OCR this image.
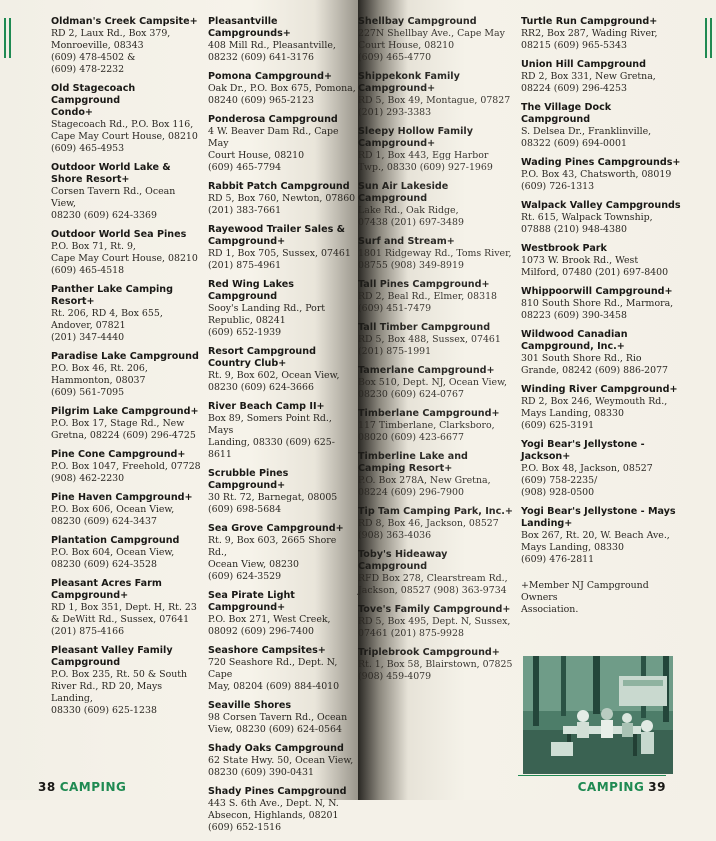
Oldman's Creek Campsite+
RD 2, Laux Rd., Box 379,
Monroeville, 08343
(609) 478-4502 &
(609) 478-2232
Old Stagecoach Campground
Condo+
Stagecoach Rd., P.O. Box 116,
Cape May Court House, 08210
(609) 465-4953
Outdoor World Lake &
Shore Resort+
Corsen Tavern Rd., Ocean View,
08230 (609) 624-3369
Outdoor World Sea Pines
P.O. Box 71, Rt. 9,
Cape May Court House, 08210
(609) 465-4518
Panther Lake Camping Resort+
Rt. 206, RD 4, Box 655,
Andover, 07821
(201) 347-4440
Paradise Lake Campground
P.O. Box 46, Rt. 206,
Hammonton, 08037
(609) 561-7095
Pilgrim Lake Campground+
P.O. Box 17, Stage Rd., New
Gretna, 08224 (609) 296-4725
Pine Cone Campground+
P.O. Box 1047, Freehold, 07728
(908) 462-2230
Pine Haven Campground+
P.O. Box 606, Ocean View,
08230 (609) 624-3437
Plantation Campground
P.O. Box 604, Ocean View,
08230 (609) 624-3528
Pleasant Acres Farm
Campground+
RD 1, Box 351, Dept. H, Rt. 23
& DeWitt Rd., Sussex, 07641
(201) 875-4166
Pleasant Valley Family
Campground
P.O. Box 235, Rt. 50 & South
River Rd., RD 20, Mays Landing,
08330 (609) 625-1238
Pleasantville Campgrounds+
408 Mill Rd., Pleasantville,
08232 (609) 641-3176
Pomona Campground+
Oak Dr., P.O. Box 675, Pomona,
08240 (609) 965-2123
Ponderosa Campground
4 W. Beaver Dam Rd., Cape May
Court House, 08210
(609) 465-7794
Rabbit Patch Campground
RD 5, Box 760, Newton, 07860
(201) 383-7661
Rayewood Trailer Sales &
Campground+
RD 1, Box 705, Sussex, 07461
(201) 875-4961
Red Wing Lakes Campground
Sooy's Landing Rd., Port
Republic, 08241
(609) 652-1939
Resort Campground
Country Club+
Rt. 9, Box 602, Ocean View,
08230 (609) 624-3666
River Beach Camp II+
Box 89, Somers Point Rd., Mays
Landing, 08330 (609) 625-8611
Scrubble Pines Campground+
30 Rt. 72, Barnegat, 08005
(609) 698-5684
Sea Grove Campground+
Rt. 9, Box 603, 2665 Shore Rd.,
Ocean View, 08230
(609) 624-3529
Sea Pirate Light Campground+
P.O. Box 271, West Creek,
08092 (609) 296-7400
Seashore Campsites+
720 Seashore Rd., Dept. N, Cape
May, 08204 (609) 884-4010
Seaville Shores
98 Corsen Tavern Rd., Ocean
View, 08230 (609) 624-0564
Shady Oaks Campground
62 State Hwy. 50, Ocean View,
08230 (609) 390-0431
Shady Pines Campground
443 S. 6th Ave., Dept. N, N.
Absecon, Highlands, 08201
(609) 652-1516
38 CAMPING
Shellbay Campground
227N Shellbay Ave., Cape May
Court House, 08210
(609) 465-4770
Shippekonk Family
Campground+
RD 5, Box 49, Montague, 07827
(201) 293-3383
Sleepy Hollow Family
Campground+
RD 1, Box 443, Egg Harbor
Twp., 08330 (609) 927-1969
Sun Air Lakeside Campground
Lake Rd., Oak Ridge,
07438 (201) 697-3489
Surf and Stream+
1801 Ridgeway Rd., Toms River,
08755 (908) 349-8919
Tall Pines Campground+
RD 2, Beal Rd., Elmer, 08318
(609) 451-7479
Tall Timber Campground
RD 5, Box 488, Sussex, 07461
(201) 875-1991
Tamerlane Campground+
Box 510, Dept. NJ, Ocean View,
08230 (609) 624-0767
Timberlane Campground+
117 Timberlane, Clarksboro,
08020 (609) 423-6677
Timberline Lake and
Camping Resort+
P.O. Box 278A, New Gretna,
08224 (609) 296-7900
Tip Tam Camping Park, Inc.+
RD 8, Box 46, Jackson, 08527
(908) 363-4036
Toby's Hideaway Campground
RFD Box 278, Clearstream Rd.,
Jackson, 08527 (908) 363-9734
Tove's Family Campground+
RD 5, Box 495, Dept. N, Sussex,
07461 (201) 875-9928
Triplebrook Campground+
Rt. 1, Box 58, Blairstown, 07825
(908) 459-4079
Turtle Run Campground+
RR2, Box 287, Wading River,
08215 (609) 965-5343
Union Hill Campground
RD 2, Box 331, New Gretna,
08224 (609) 296-4253
The Village Dock Campground
S. Delsea Dr., Franklinville,
08322 (609) 694-0001
Wading Pines Campgrounds+
P.O. Box 43, Chatsworth, 08019
(609) 726-1313
Walpack Valley Campgrounds
Rt. 615, Walpack Township,
07888 (210) 948-4380
Westbrook Park
1073 W. Brook Rd., West
Milford, 07480 (201) 697-8400
Whippoorwill Campground+
810 South Shore Rd., Marmora,
08223 (609) 390-3458
Wildwood Canadian
Campground, Inc.+
301 South Shore Rd., Rio
Grande, 08242 (609) 886-2077
Winding River Campground+
RD 2, Box 246, Weymouth Rd.,
Mays Landing, 08330
(609) 625-3191
Yogi Bear's Jellystone -
Jackson+
P.O. Box 48, Jackson, 08527
(609) 758-2235/
(908) 928-0500
Yogi Bear's Jellystone - Mays
Landing+
Box 267, Rt. 20, W. Beach Ave.,
Mays Landing, 08330
(609) 476-2811
+Member NJ Campground Owners
Association.
CAMPING 39
